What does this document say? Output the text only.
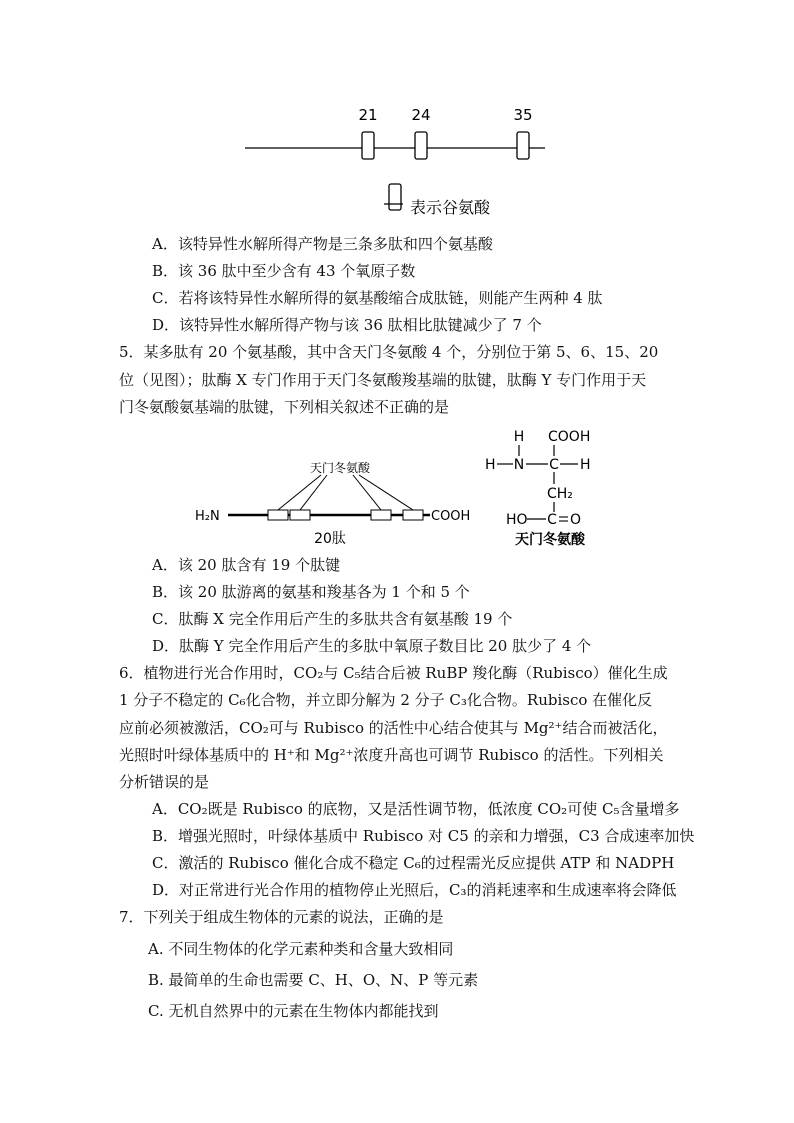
21 24	35
表示谷氨酸
A．该特异性水解所得产物是三条多肽和四个氨基酸
B．该 36 肽中至少含有 43 个氧原子数
C．若将该特异性水解所得的氨基酸缩合成肽链，则能产生两种 4 肽
D．该特异性水解所得产物与该 36 肽相比肽键减少了 7 个
5．某多肽有 20 个氨基酸，其中含天门冬氨酸 4 个，分别位于第 5、6、15、20
位（见图）；肽酶 X 专门作用于天门冬氨酸羧基端的肽键，肽酶 Y 专门作用于天
门冬氨酸氨基端的肽键，下列相关叙述不正确的是
H₂N
天门冬氨酸
COOH
20肽
H COOH
H N C H
CH₂
HO C O
天门冬氨酸
A．该 20 肽含有 19 个肽键
B．该 20 肽游离的氨基和羧基各为 1 个和 5 个
C．肽酶 X 完全作用后产生的多肽共含有氨基酸 19 个
D．肽酶 Y 完全作用后产生的多肽中氧原子数目比 20 肽少了 4 个
6．植物进行光合作用时，CO₂与 C₅结合后被 RuBP 羧化酶（Rubisco）催化生成
1 分子不稳定的 C₆化合物，并立即分解为 2 分子 C₃化合物。Rubisco 在催化反
应前必须被激活，CO₂可与 Rubisco 的活性中心结合使其与 Mg²⁺结合而被活化，
光照时叶绿体基质中的 H⁺和 Mg²⁺浓度升高也可调节 Rubisco 的活性。下列相关
分析错误的是
A．CO₂既是 Rubisco 的底物，又是活性调节物，低浓度 CO₂可使 C₅含量增多
B．增强光照时，叶绿体基质中 Rubisco 对 C5 的亲和力增强，C3 合成速率加快
C．激活的 Rubisco 催化合成不稳定 C₆的过程需光反应提供 ATP 和 NADPH
D．对正常进行光合作用的植物停止光照后，C₃的消耗速率和生成速率将会降低
7．下列关于组成生物体的元素的说法，正确的是
A. 不同生物体的化学元素种类和含量大致相同
B. 最简单的生命也需要 C、H、O、N、P 等元素
C. 无机自然界中的元素在生物体内都能找到
